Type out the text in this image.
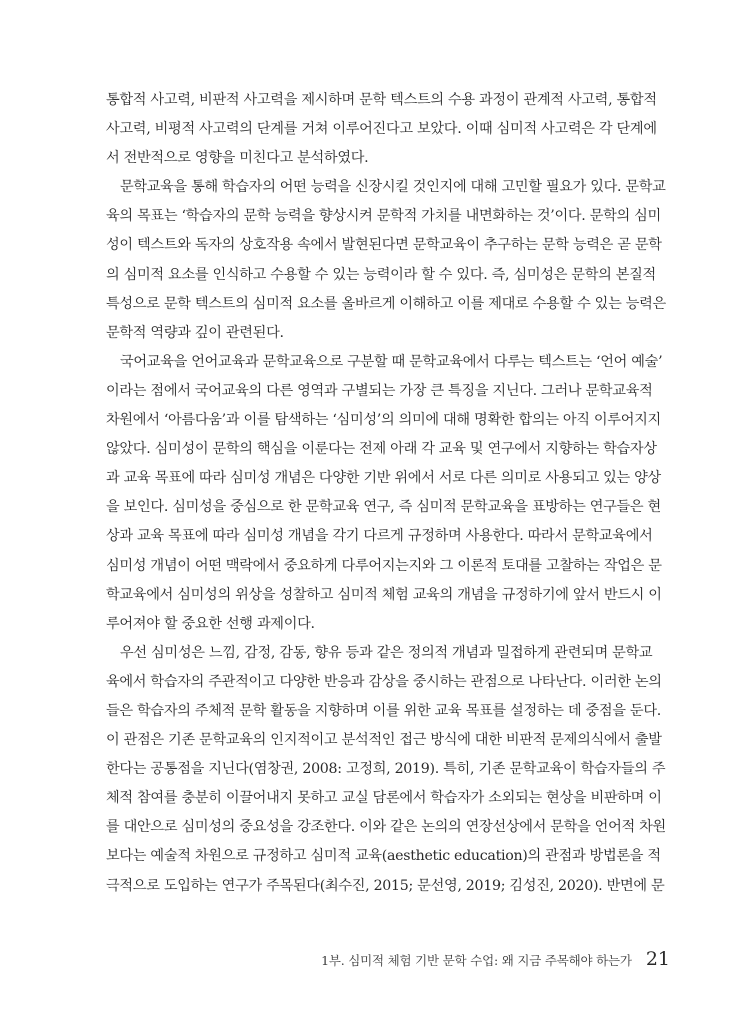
통합적 사고력, 비판적 사고력을 제시하며 문학 텍스트의 수용 과정이 관계적 사고력, 통합적
사고력, 비평적 사고력의 단계를 거쳐 이루어진다고 보았다. 이때 심미적 사고력은 각 단계에
서 전반적으로 영향을 미친다고 분석하였다.
문학교육을 통해 학습자의 어떤 능력을 신장시킬 것인지에 대해 고민할 필요가 있다. 문학교
육의 목표는 ‘학습자의 문학 능력을 향상시켜 문학적 가치를 내면화하는 것’이다. 문학의 심미
성이 텍스트와 독자의 상호작용 속에서 발현된다면 문학교육이 추구하는 문학 능력은 곧 문학
의 심미적 요소를 인식하고 수용할 수 있는 능력이라 할 수 있다. 즉, 심미성은 문학의 본질적
특성으로 문학 텍스트의 심미적 요소를 올바르게 이해하고 이를 제대로 수용할 수 있는 능력은
문학적 역량과 깊이 관련된다.
국어교육을 언어교육과 문학교육으로 구분할 때 문학교육에서 다루는 텍스트는 ‘언어 예술’
이라는 점에서 국어교육의 다른 영역과 구별되는 가장 큰 특징을 지닌다. 그러나 문학교육적
차원에서 ‘아름다움’과 이를 탐색하는 ‘심미성’의 의미에 대해 명확한 합의는 아직 이루어지지
않았다. 심미성이 문학의 핵심을 이룬다는 전제 아래 각 교육 및 연구에서 지향하는 학습자상
과 교육 목표에 따라 심미성 개념은 다양한 기반 위에서 서로 다른 의미로 사용되고 있는 양상
을 보인다. 심미성을 중심으로 한 문학교육 연구, 즉 심미적 문학교육을 표방하는 연구들은 현
상과 교육 목표에 따라 심미성 개념을 각기 다르게 규정하며 사용한다. 따라서 문학교육에서
심미성 개념이 어떤 맥락에서 중요하게 다루어지는지와 그 이론적 토대를 고찰하는 작업은 문
학교육에서 심미성의 위상을 성찰하고 심미적 체험 교육의 개념을 규정하기에 앞서 반드시 이
루어져야 할 중요한 선행 과제이다.
우선 심미성은 느낌, 감정, 감동, 향유 등과 같은 정의적 개념과 밀접하게 관련되며 문학교
육에서 학습자의 주관적이고 다양한 반응과 감상을 중시하는 관점으로 나타난다. 이러한 논의
들은 학습자의 주체적 문학 활동을 지향하며 이를 위한 교육 목표를 설정하는 데 중점을 둔다.
이 관점은 기존 문학교육의 인지적이고 분석적인 접근 방식에 대한 비판적 문제의식에서 출발
한다는 공통점을 지닌다(염창권, 2008: 고정희, 2019). 특히, 기존 문학교육이 학습자들의 주
체적 참여를 충분히 이끌어내지 못하고 교실 담론에서 학습자가 소외되는 현상을 비판하며 이
를 대안으로 심미성의 중요성을 강조한다. 이와 같은 논의의 연장선상에서 문학을 언어적 차원
보다는 예술적 차원으로 규정하고 심미적 교육(aesthetic education)의 관점과 방법론을 적
극적으로 도입하는 연구가 주목된다(최수진, 2015; 문선영, 2019; 김성진, 2020). 반면에 문
1부. 심미적 체험 기반 문학 수업: 왜 지금 주목해야 하는가 21
